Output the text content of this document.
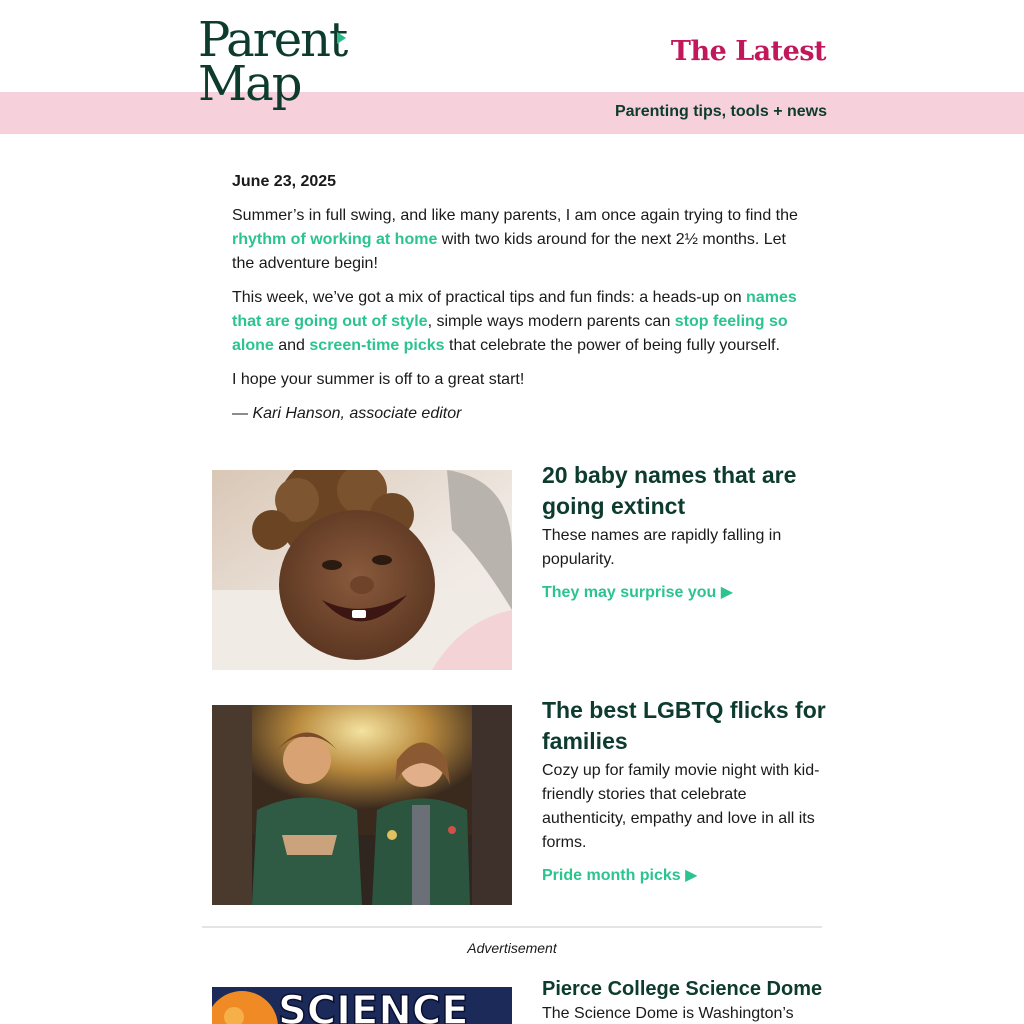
Parent
Map
The Latest
Parenting tips, tools + news

June 23, 2025

Summer’s in full swing, and like many parents, I am once again trying to find the rhythm of working at home with two kids around for the next 2½ months. Let the adventure begin!

This week, we’ve got a mix of practical tips and fun finds: a heads-up on names that are going out of style, simple ways modern parents can stop feeling so alone and screen-time picks that celebrate the power of being fully yourself.

I hope your summer is off to a great start!

— Kari Hanson, associate editor

20 baby names that are going extinct

These names are rapidly falling in popularity.

They may surprise you ▶
The best LGBTQ flicks for families

Cozy up for family movie night with kid-friendly stories that celebrate authenticity, empathy and love in all its forms.

Pride month picks ▶
Advertisement
SCIENCE	Pierce College Science Dome

The Science Dome is Washington’s
